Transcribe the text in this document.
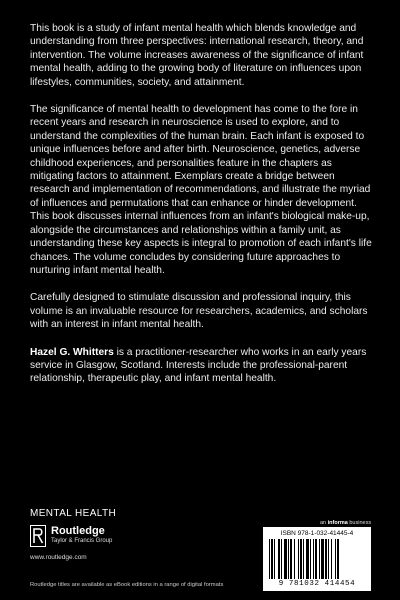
This book is a study of infant mental health which blends knowledge and understanding from three perspectives: international research, theory, and intervention. The volume increases awareness of the significance of infant mental health, adding to the growing body of literature on influences upon lifestyles, communities, society, and attainment.

The significance of mental health to development has come to the fore in recent years and research in neuroscience is used to explore, and to understand the complexities of the human brain. Each infant is exposed to unique influences before and after birth. Neuroscience, genetics, adverse childhood experiences, and personalities feature in the chapters as mitigating factors to attainment. Exemplars create a bridge between research and implementation of recommendations, and illustrate the myriad of influences and permutations that can enhance or hinder development. This book discusses internal influences from an infant's biological make-up, alongside the circumstances and relationships within a family unit, as understanding these key aspects is integral to promotion of each infant's life chances. The volume concludes by considering future approaches to nurturing infant mental health.

Carefully designed to stimulate discussion and professional inquiry, this volume is an invaluable resource for researchers, academics, and scholars with an interest in infant mental health.

Hazel G. Whitters is a practitioner-researcher who works in an early years service in Glasgow, Scotland. Interests include the professional-parent relationship, therapeutic play, and infant mental health.

MENTAL HEALTH
Routledge
Taylor & Francis Group
www.routledge.com
an informa business
ISBN 978-1-032-41445-4
9 781032 414454
Routledge titles are available as eBook editions in a range of digital formats
